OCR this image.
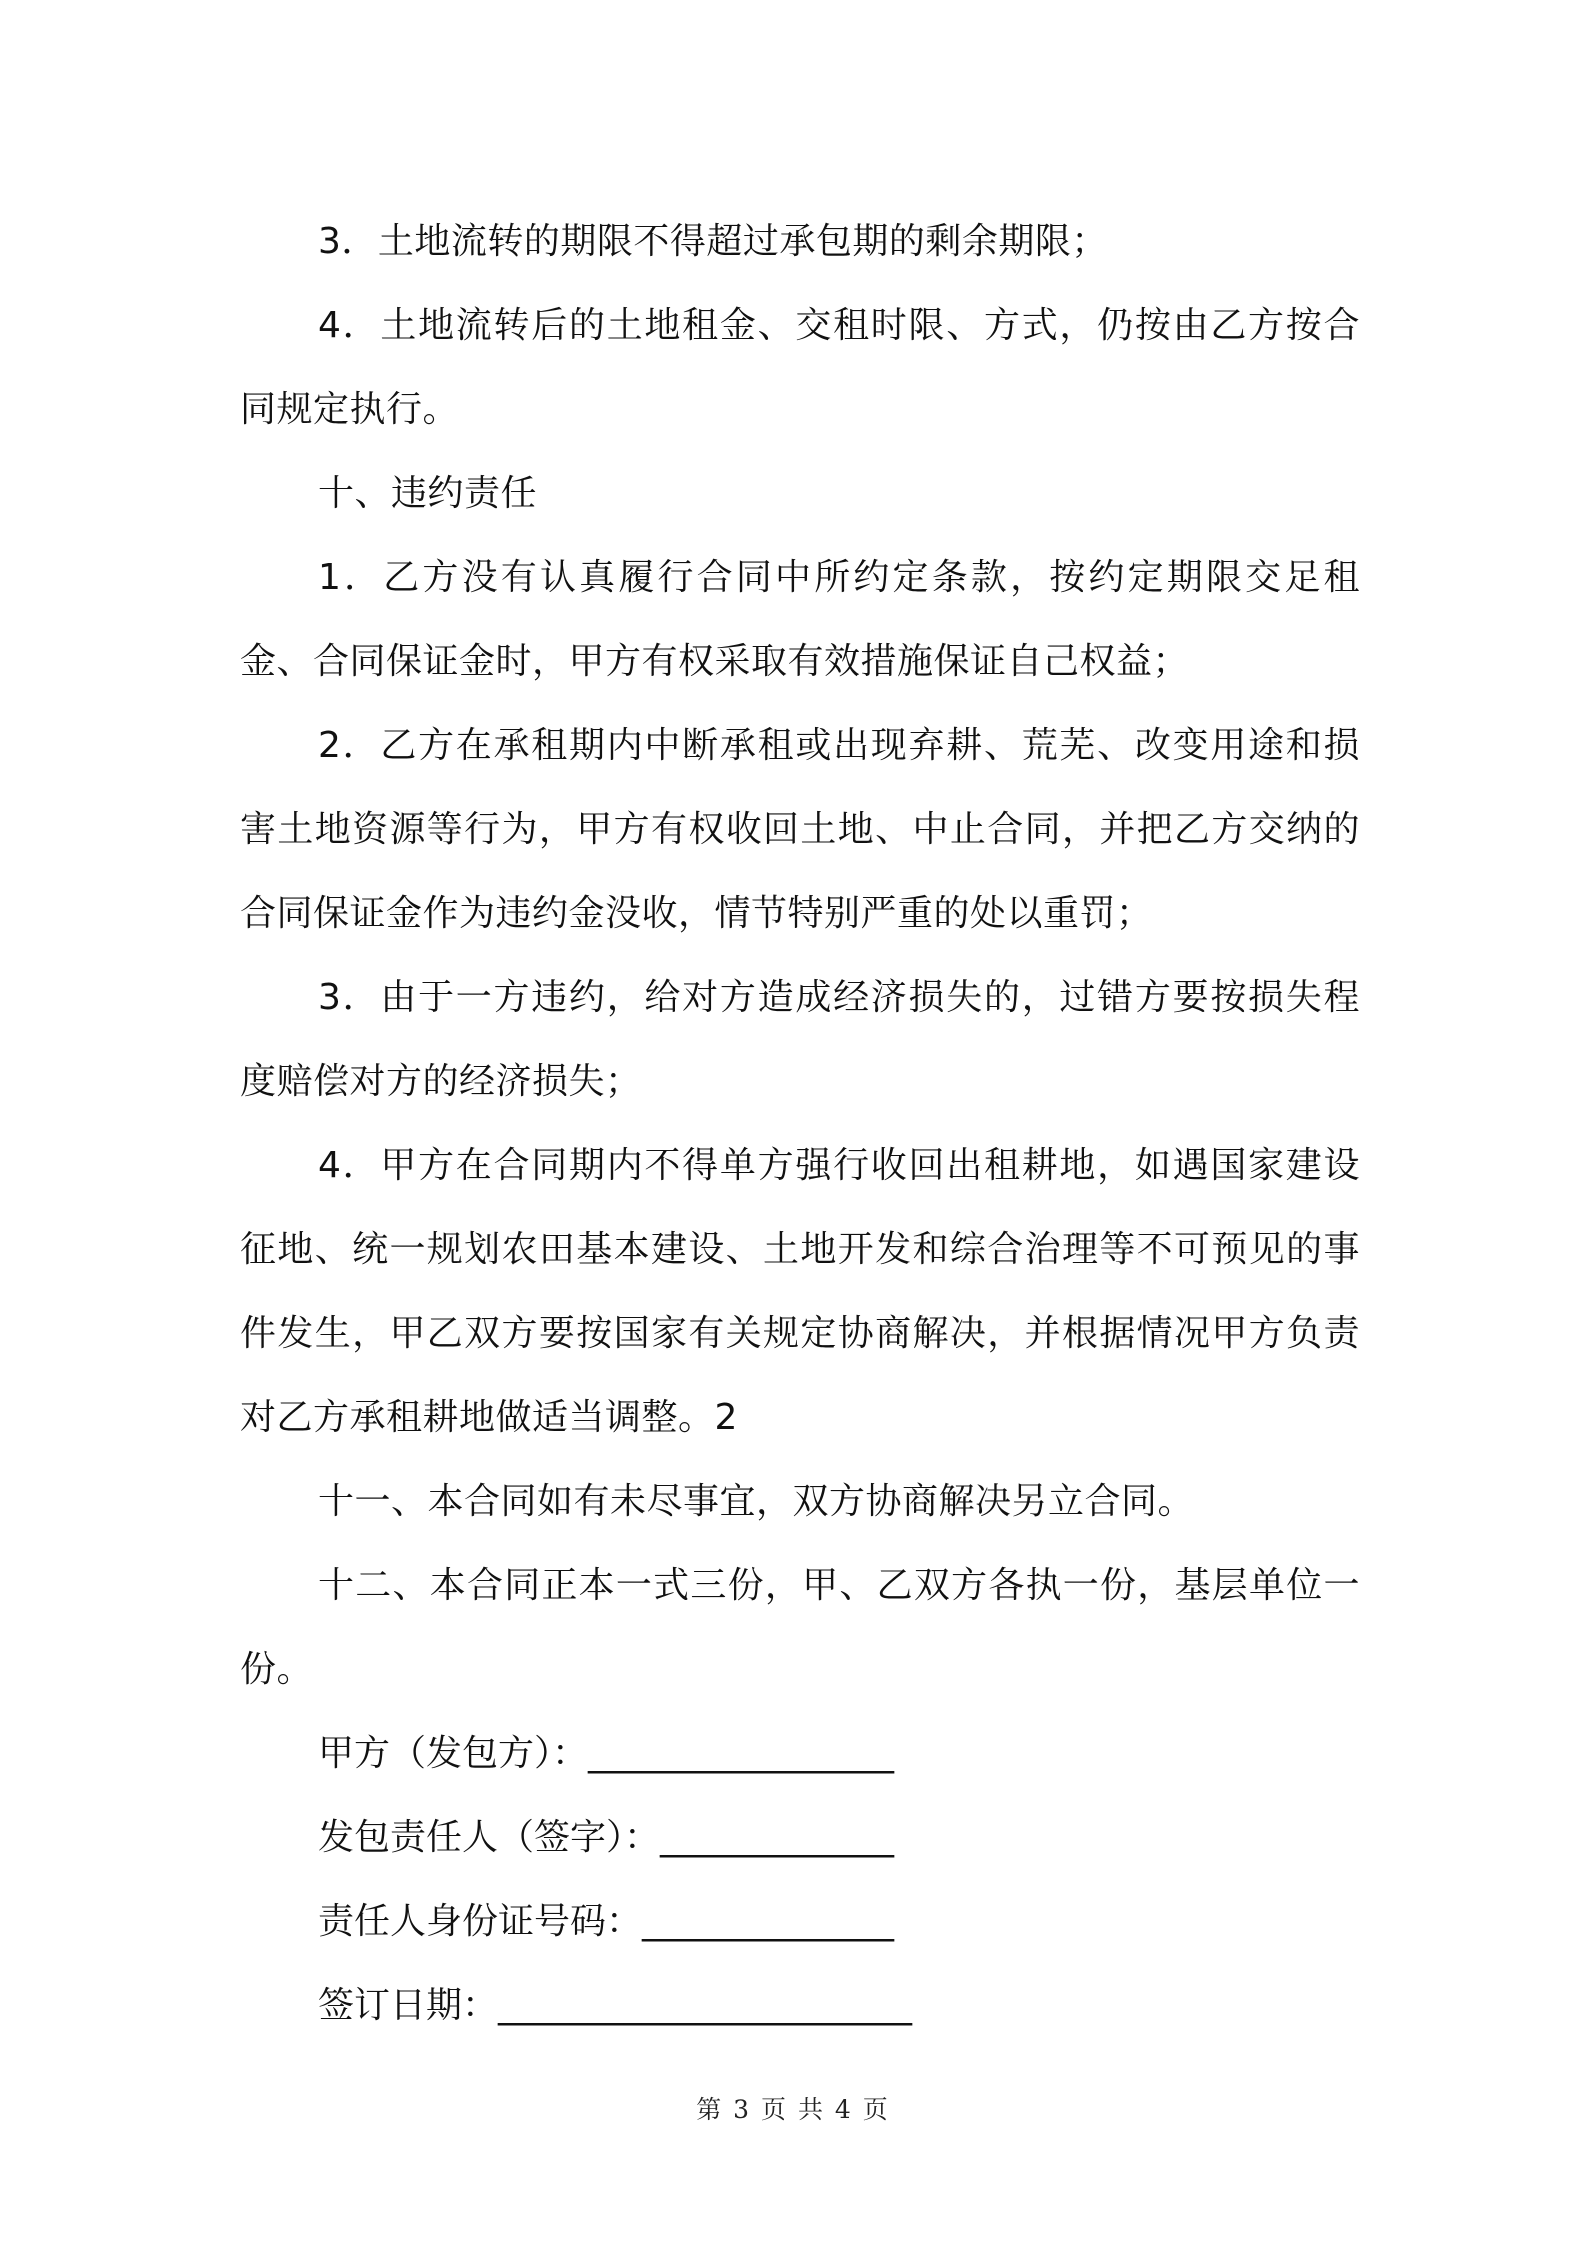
3．土地流转的期限不得超过承包期的剩余期限；

4．土地流转后的土地租金、交租时限、方式，仍按由乙方按合同规定执行。

十、违约责任

1．乙方没有认真履行合同中所约定条款，按约定期限交足租金、合同保证金时，甲方有权采取有效措施保证自己权益；

2．乙方在承租期内中断承租或出现弃耕、荒芜、改变用途和损害土地资源等行为，甲方有权收回土地、中止合同，并把乙方交纳的合同保证金作为违约金没收，情节特别严重的处以重罚；

3．由于一方违约，给对方造成经济损失的，过错方要按损失程度赔偿对方的经济损失；

4．甲方在合同期内不得单方强行收回出租耕地，如遇国家建设征地、统一规划农田基本建设、土地开发和综合治理等不可预见的事件发生，甲乙双方要按国家有关规定协商解决，并根据情况甲方负责对乙方承租耕地做适当调整。2

十一、本合同如有未尽事宜，双方协商解决另立合同。

十二、本合同正本一式三份，甲、乙双方各执一份，基层单位一份。

甲方（发包方）：_________________

发包责任人（签字）：_____________

责任人身份证号码：______________

签订日期：_______________________

第 3 页 共 4 页
